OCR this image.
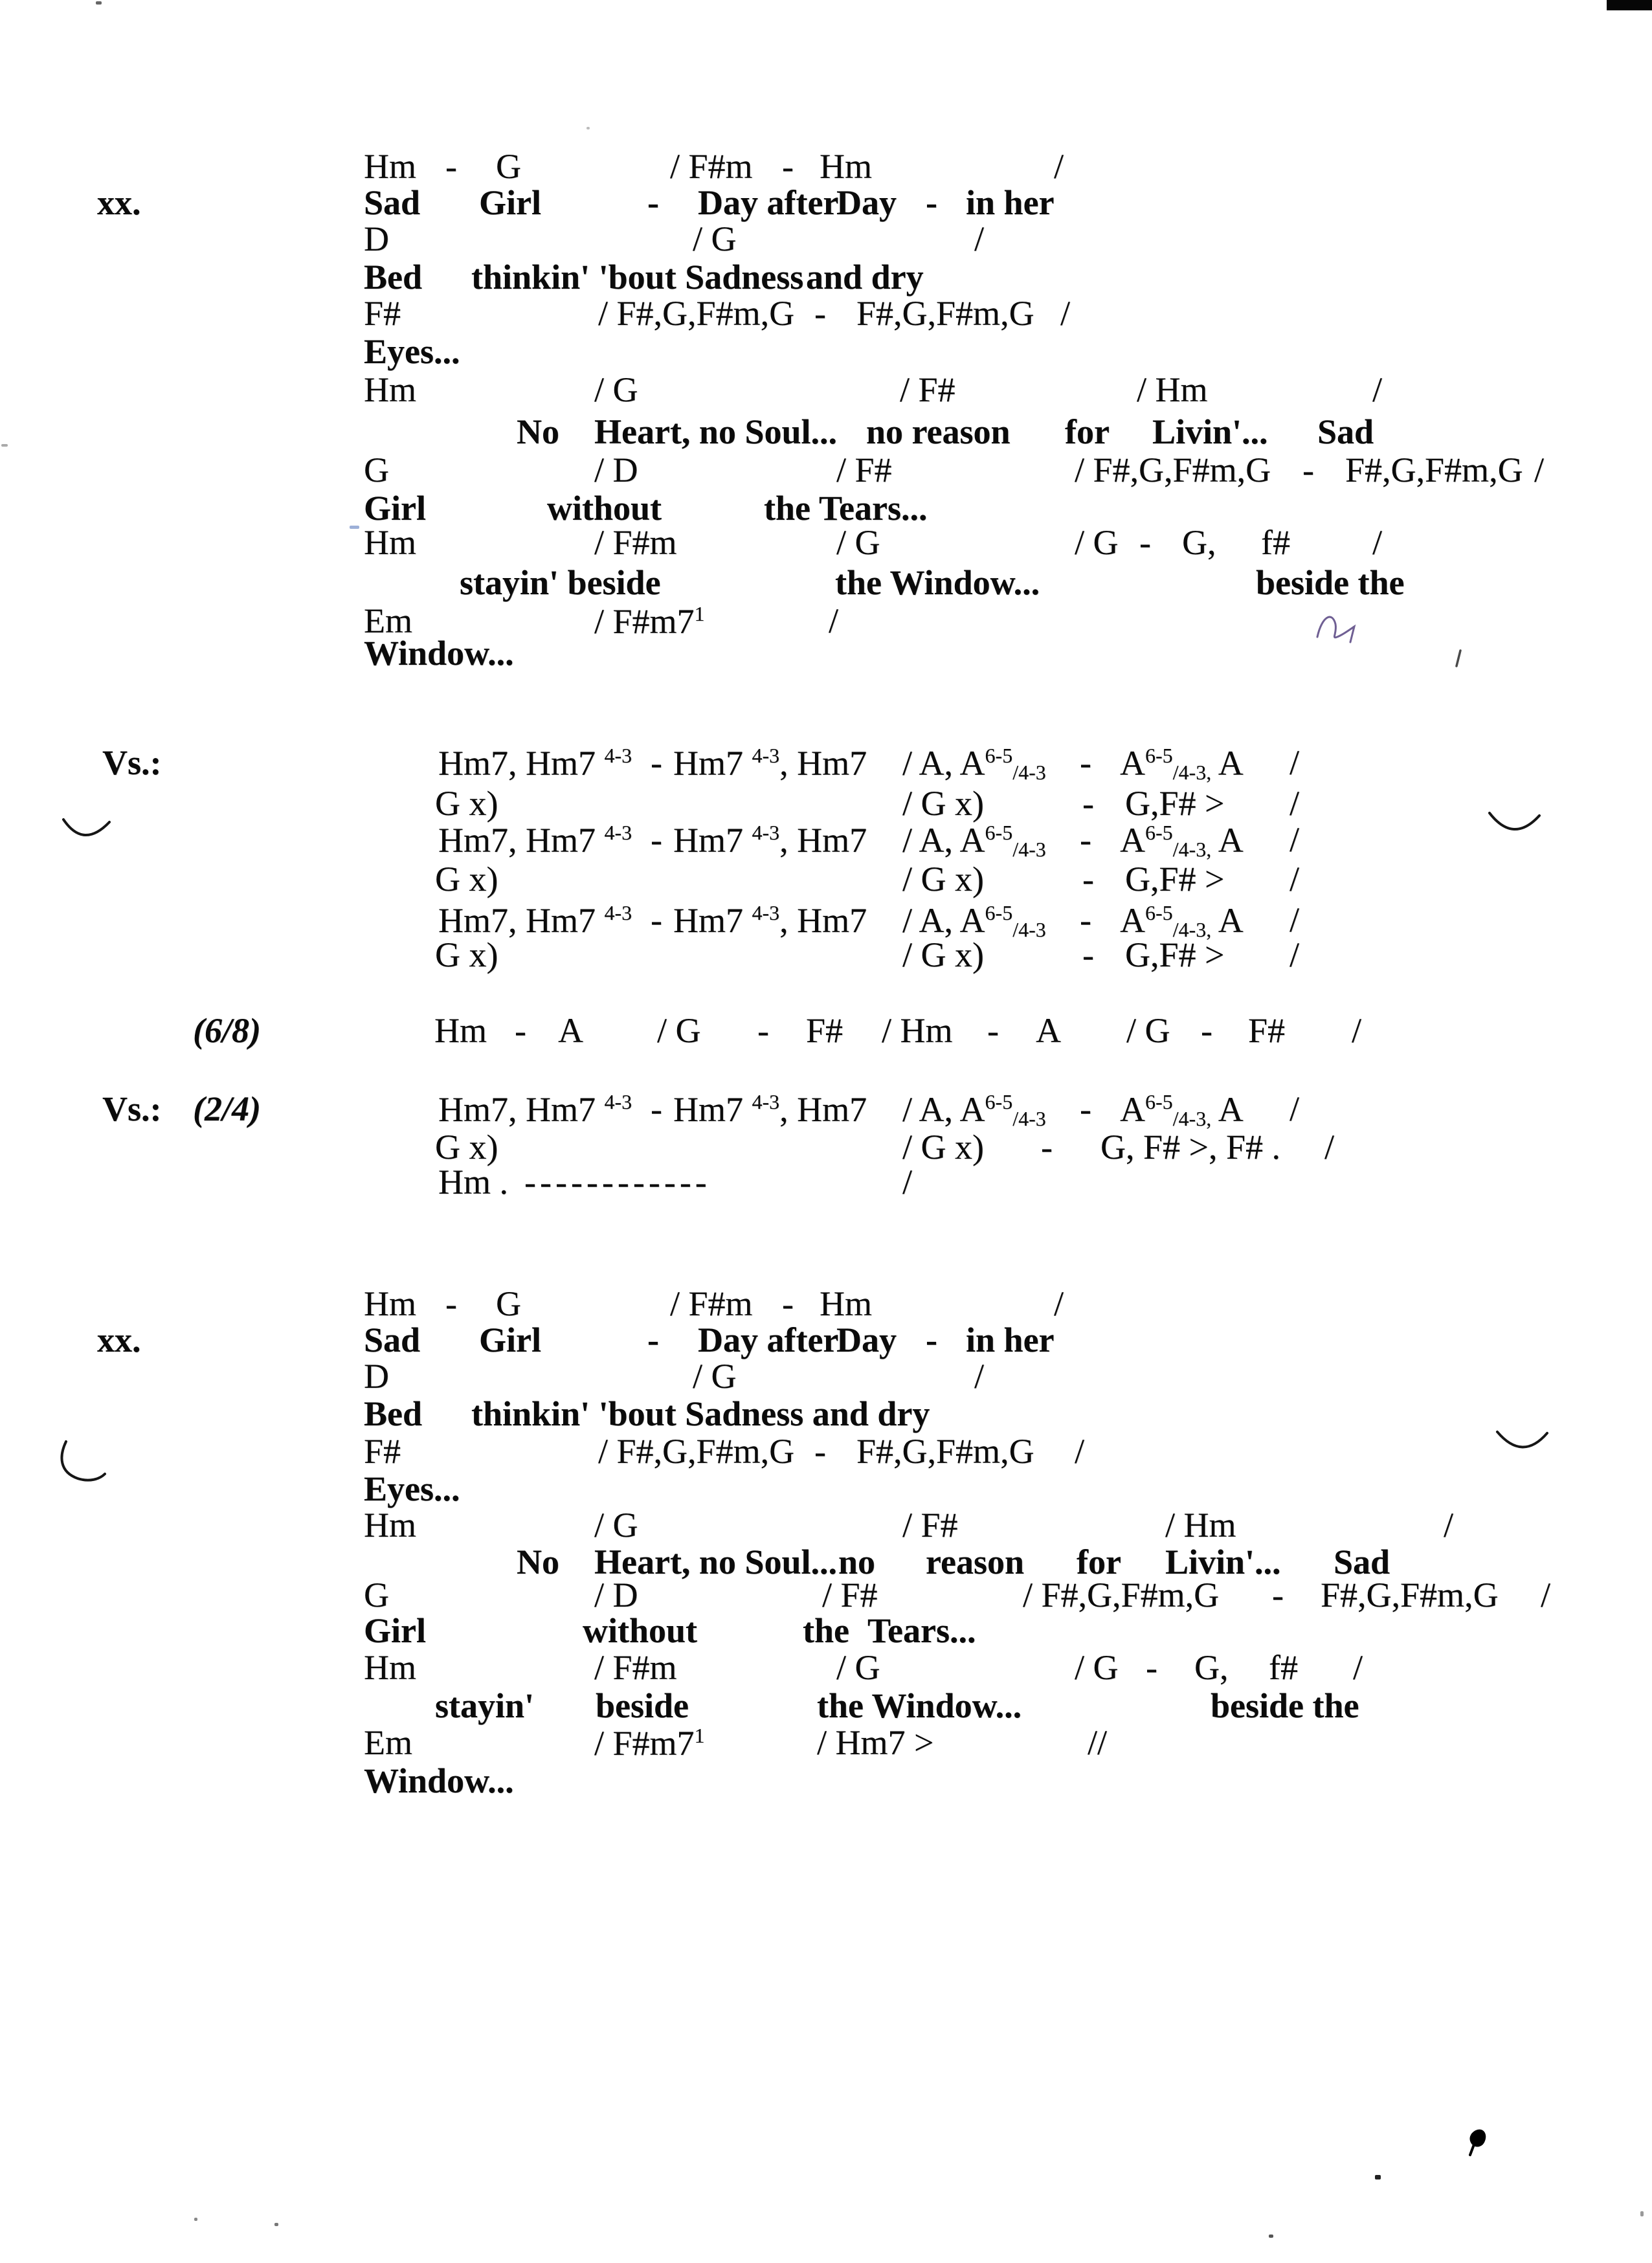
Hm - G	/ F#m - Hm	/
xx.	Sad Girl	- Day after
Day - in her
D	/ G	/
Bed thinkin' 'bout Sadness and dry
F#	/ F#,G,F#m,G - F#,G,F#m,G /
Eyes...
Hm	/ G	/ F#	/ Hm	/
No Heart, no Soul... no reason for Livin'... Sad
G	/ D	/ F#	/ F#,G,F#m,G - F#,G,F#m,G /
Girl	without	the Tears...
Hm	/ F#m	/ G	/ G - G, f# /
stayin' beside	the Window...	beside the
Em	/ $F\#m7^1$	/
Window...
Vs.:	Hm7, Hm7 $^{4-3}$ - Hm7 $^{4-3}$, Hm7 / A, $A^{6-5}_{/4-3} - A^{6-5}_{/4-3,}$ A /
G x)	/ G x)	- G,F# > /
Hm7, Hm7 $^{4-3}$ - Hm7 $^{4-3}$, Hm7 / A, $A^{6-5}_{/4-3} - A^{6-5}_{/4-3,}$ A /
G x)	/ G x)	- G,F# > /
Hm7, Hm7 $^{4-3}$ - Hm7 $^{4-3}$, Hm7 / A, $A^{6-5}_{/4-3} - A^{6-5}_{/4-3,}$ A /
G x)	/ G x)	- G,F# > /
(6/8)	Hm - A / G - F# / Hm - A / G - F# /
Vs.: (2/4)	Hm7, Hm7 $^{4-3}$ - Hm7 $^{4-3}$, Hm7 / A, $A^{6-5}_{/4-3} - A^{6-5}_{/4-3,}$ A /
G x)	/ G x) - G, F# >, F# . /
Hm . ------------	/
Hm - G	/ F#m - Hm	/
xx.	Sad Girl	- Day after
Day - in her
D	/ G	/
Bed thinkin' 'bout Sadness and dry
F#	/ F#,G,F#m,G - F#,G,F#m,G /
Eyes...
Hm	/ G	/ F#	/ Hm	/
No Heart, no Soul... no reason for Livin'... Sad
G	/ D	/ F#	/ F#,G,F#m,G - F#,G,F#m,G /
Girl	without	the Tears...
Hm	/ F#m	/ G	/ G - G, f# /
stayin' beside	the Window...	beside the
Em	/ $F\#m7^1$	/ Hm7 >	//
Window...
